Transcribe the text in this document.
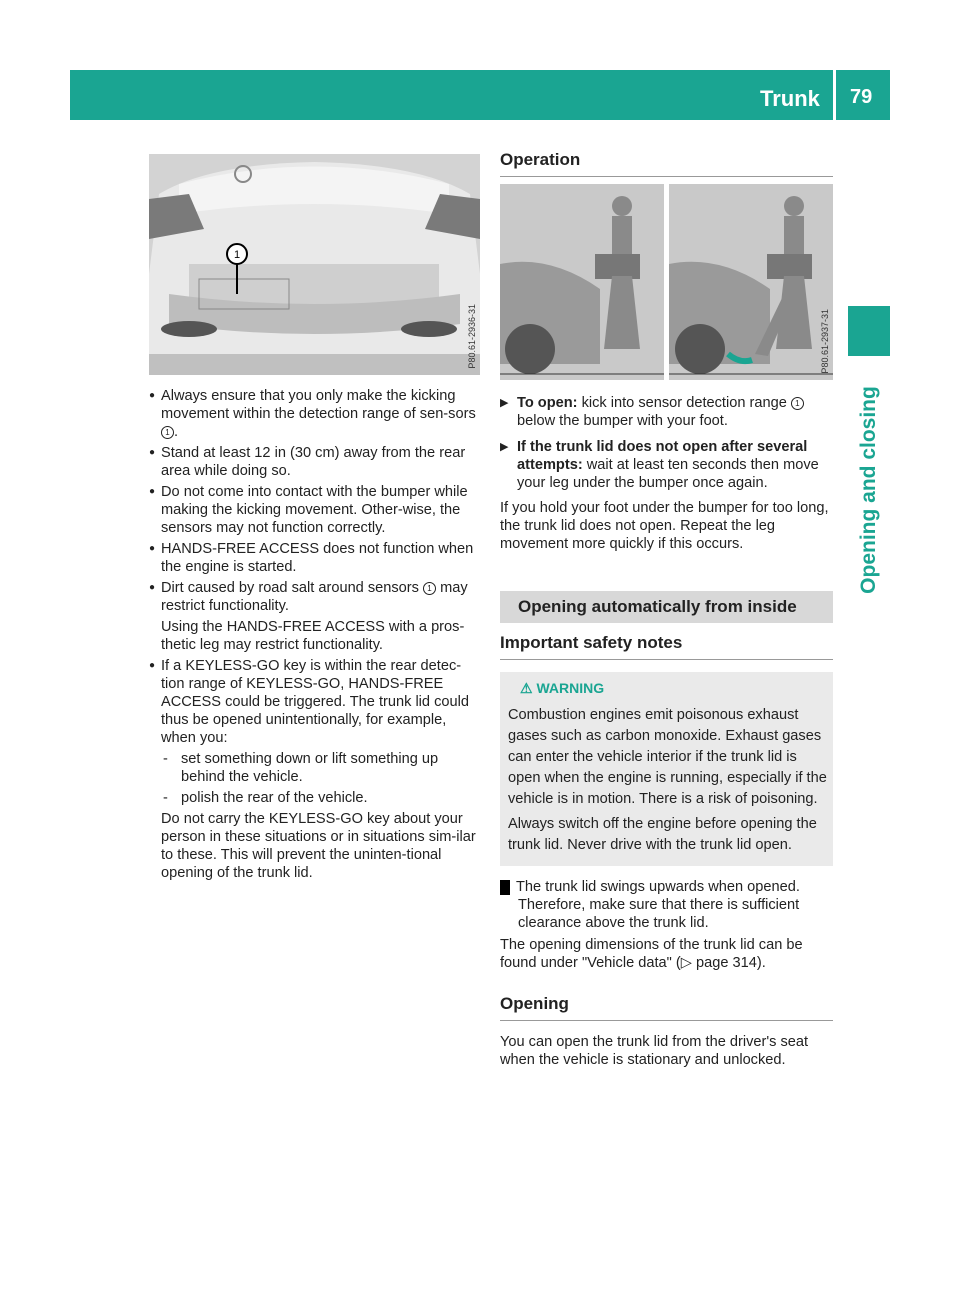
Trunk 79
Opening and closing
1
P80.61-2936-31
● Always ensure that you only make the kicking movement within the detection range of sen-sors 1 .
● Stand at least 12 in (30 cm) away from the rear area while doing so.
● Do not come into contact with the bumper while making the kicking movement. Other-wise, the sensors may not function correctly.
● HANDS-FREE ACCESS does not function when the engine is started.
● Dirt caused by road salt around sensors 1 may restrict functionality.
Using the HANDS-FREE ACCESS with a pros-thetic leg may restrict functionality.
● If a KEYLESS-GO key is within the rear detec-tion range of KEYLESS-GO, HANDS-FREE ACCESS could be triggered. The trunk lid could thus be opened unintentionally, for example, when you:
- set something down or lift something up behind the vehicle.
- polish the rear of the vehicle.
Do not carry the KEYLESS-GO key about your person in these situations or in situations sim-ilar to these. This will prevent the uninten-tional opening of the trunk lid.
Operation
P80.61-2937-31
▶ To open: kick into sensor detection range 1 below the bumper with your foot.
▶ If the trunk lid does not open after several attempts: wait at least ten seconds then move your leg under the bumper once again.

If you hold your foot under the bumper for too long, the trunk lid does not open. Repeat the leg movement more quickly if this occurs.

Opening automatically from inside
Important safety notes
⚠ WARNING

Combustion engines emit poisonous exhaust gases such as carbon monoxide. Exhaust gases can enter the vehicle interior if the trunk lid is open when the engine is running, especially if the vehicle is in motion. There is a risk of poisoning.

Always switch off the engine before opening the trunk lid. Never drive with the trunk lid open.

! The trunk lid swings upwards when opened. Therefore, make sure that there is sufficient clearance above the trunk lid.

The opening dimensions of the trunk lid can be found under "Vehicle data" (▷ page 314).

Opening

You can open the trunk lid from the driver's seat when the vehicle is stationary and unlocked.
